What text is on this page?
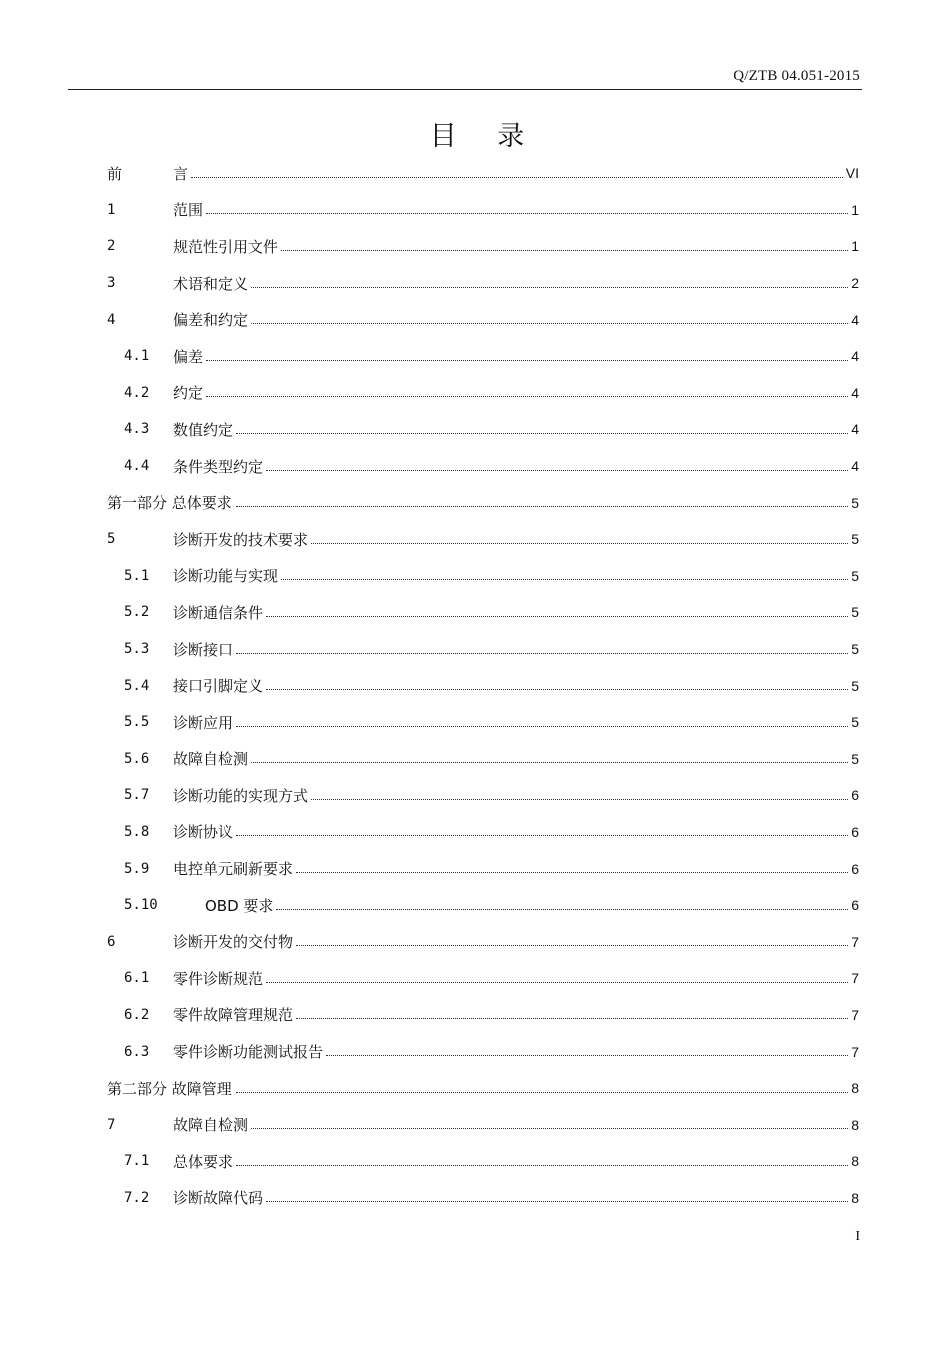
Q/ZTB 04.051-2015
目 录
前	言	VI
1	范围	1
2	规范性引用文件	1
3	术语和定义	2
4	偏差和约定	4
4.1	偏差	4
4.2	约定	4
4.3	数值约定	4
4.4	条件类型约定	4
第一部分 总体要求	5
5	诊断开发的技术要求	5
5.1	诊断功能与实现	5
5.2	诊断通信条件	5
5.3	诊断接口	5
5.4	接口引脚定义	5
5.5	诊断应用	5
5.6	故障自检测	5
5.7	诊断功能的实现方式	6
5.8	诊断协议	6
5.9	电控单元刷新要求	6
5.10	OBD 要求	6
6	诊断开发的交付物	7
6.1	零件诊断规范	7
6.2	零件故障管理规范	7
6.3	零件诊断功能测试报告	7
第二部分 故障管理	8
7	故障自检测	8
7.1	总体要求	8
7.2	诊断故障代码	8
I
